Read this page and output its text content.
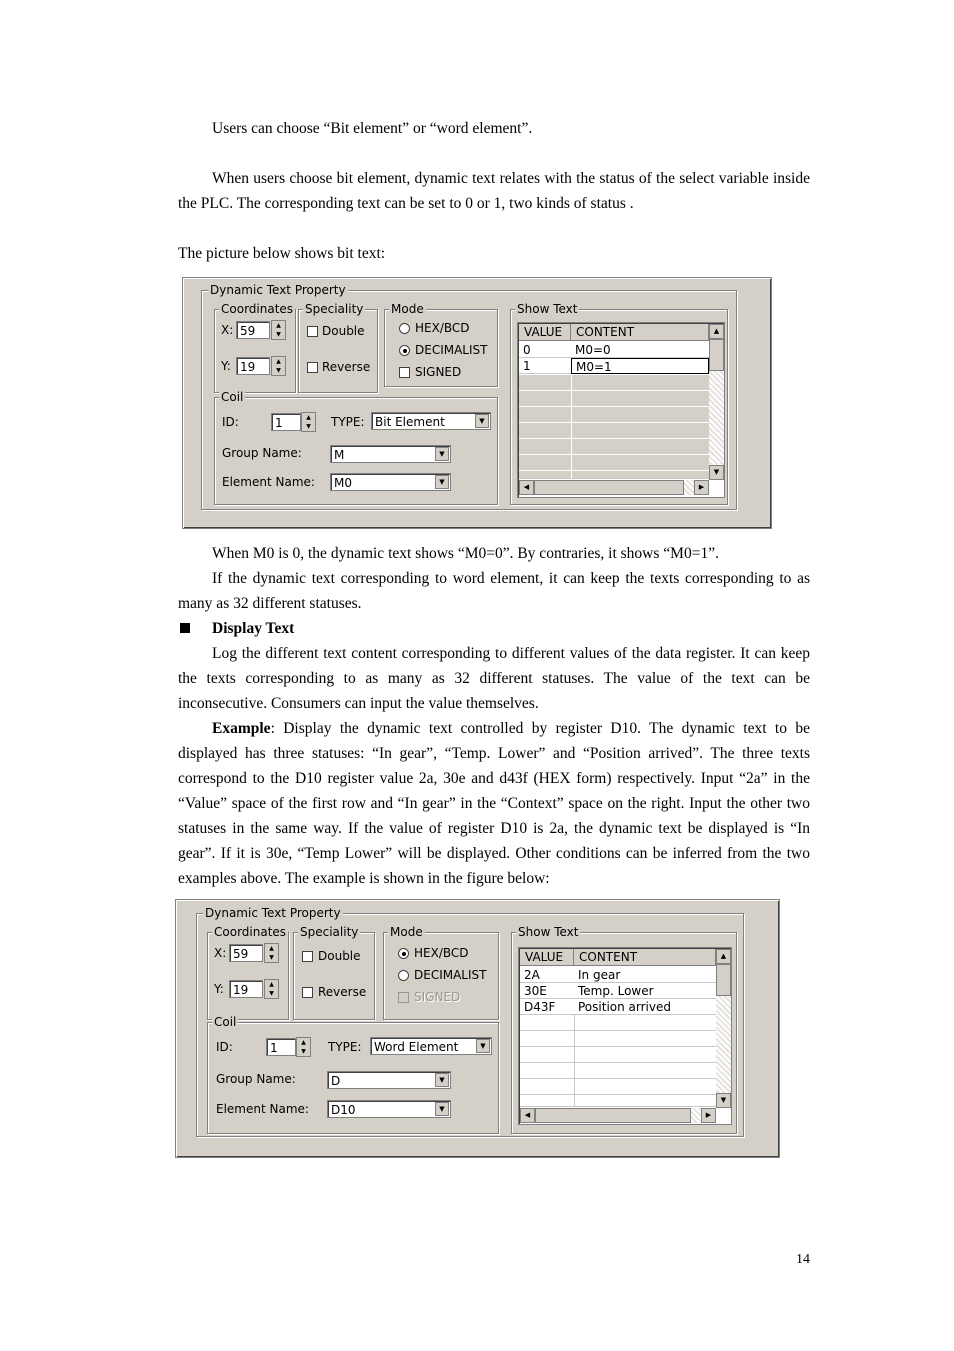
Users can choose “Bit element” or “word element”.

When users choose bit element, dynamic text relates with the status of the select variable inside the PLC. The corresponding text can be set to 0 or 1, two kinds of status .

The picture below shows bit text:

Dynamic Text Property
Coordinates
X: 59	▲
▼
Y: 19	▲
▼
Speciality
Double
Reverse
Mode
HEX/BCD
DECIMALIST
SIGNED
Coil
ID:	1	▲
▼	TYPE: Bit Element	▼
Group Name:	M	▼
Element Name:	M0	▼
Show Text
VALUE	CONTENT
0	M0=0
1	M0=1
▲
▼
◀	▶

When M0 is 0, the dynamic text shows “M0=0”. By contraries, it shows “M0=1”.

If the dynamic text corresponding to word element, it can keep the texts corresponding to as many as 32 different statuses.

Display Text

Log the different text content corresponding to different values of the data register. It can keep the texts corresponding to as many as 32 different statuses. The value of the text can be inconsecutive. Consumers can input the value themselves.

Example: Display the dynamic text controlled by register D10. The dynamic text to be displayed has three statuses: “In gear”, “Temp. Lower” and “Position arrived”. The three texts correspond to the D10 register value 2a, 30e and d43f (HEX form) respectively. Input “2a” in the “Value” space of the first row and “In gear” in the “Context” space on the right. Input the other two statuses in the same way. If the value of register D10 is 2a, the dynamic text be displayed is “In gear”. If it is 30e, “Temp Lower” will be displayed. Other conditions can be inferred from the two examples above. The example is shown in the figure below:

Dynamic Text Property
Coordinates
X: 59	▲
▼
Y: 19	▲
▼
Speciality
Double
Reverse
Mode
HEX/BCD
DECIMALIST
SIGNED
Coil
ID:	1	▲
▼	TYPE:	Word Element	▼
Group Name:	D	▼
Element Name:	D10	▼
Show Text
VALUE	CONTENT
2A	In gear
30E	Temp. Lower
D43F	Position arrived
▲
▼
◀	▶
14
